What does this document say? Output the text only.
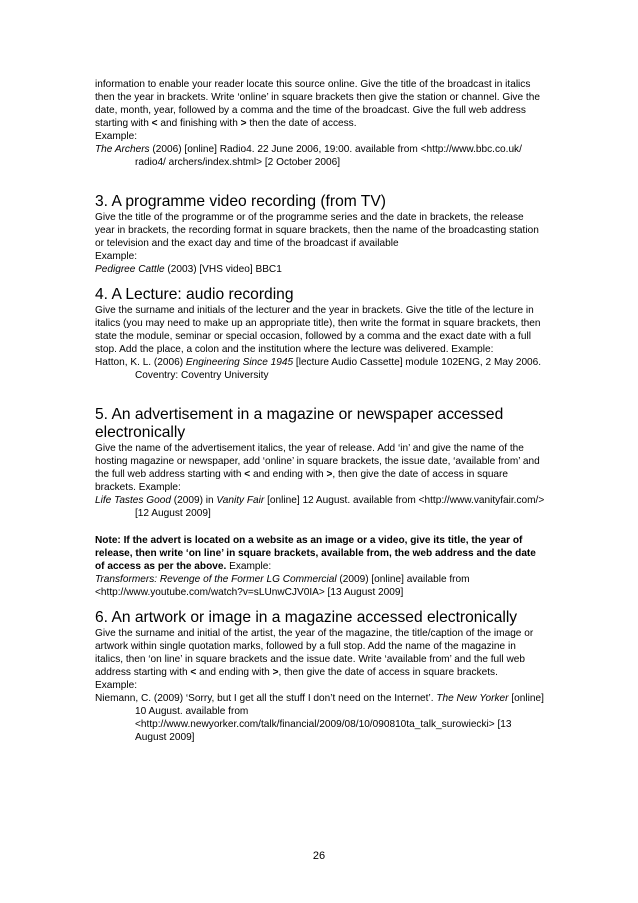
information to enable your reader locate this source online. Give the title of the broadcast in italics then the year in brackets. Write ‘online’ in square brackets then give the station or channel. Give the date, month, year, followed by a comma and the time of the broadcast. Give the full web address starting with < and finishing with > then the date of access.

Example:

The Archers (2006) [online] Radio4. 22 June 2006, 19:00. available from <http://www.bbc.co.uk/ radio4/ archers/index.shtml> [2 October 2006]

3. A programme video recording (from TV)

Give the title of the programme or of the programme series and the date in brackets, the release year in brackets, the recording format in square brackets, then the name of the broadcasting station or television and the exact day and time of the broadcast if available

Example:

Pedigree Cattle (2003) [VHS video] BBC1

4. A Lecture: audio recording

Give the surname and initials of the lecturer and the year in brackets. Give the title of the lecture in italics (you may need to make up an appropriate title), then write the format in square brackets, then state the module, seminar or special occasion, followed by a comma and the exact date with a full stop. Add the place, a colon and the institution where the lecture was delivered. Example:

Hatton, K. L. (2006) Engineering Since 1945 [lecture Audio Cassette] module 102ENG, 2 May 2006. Coventry: Coventry University

5. An advertisement in a magazine or newspaper accessed electronically

Give the name of the advertisement italics, the year of release. Add ‘in’ and give the name of the hosting magazine or newspaper, add ‘online’ in square brackets, the issue date, ‘available from’ and the full web address starting with < and ending with >, then give the date of access in square brackets. Example:

Life Tastes Good (2009) in Vanity Fair [online] 12 August. available from <http://www.vanityfair.com/> [12 August 2009]

Note: If the advert is located on a website as an image or a video, give its title, the year of release, then write ‘on line’ in square brackets, available from, the web address and the date of access as per the above. Example:

Transformers: Revenge of the Former LG Commercial (2009) [online] available from <http://www.youtube.com/watch?v=sLUnwCJV0IA> [13 August 2009]

6. An artwork or image in a magazine accessed electronically

Give the surname and initial of the artist, the year of the magazine, the title/caption of the image or artwork within single quotation marks, followed by a full stop. Add the name of the magazine in italics, then ‘on line’ in square brackets and the issue date. Write ‘available from’ and the full web address starting with < and ending with >, then give the date of access in square brackets.

Example:

Niemann, C. (2009) ‘Sorry, but I get all the stuff I don’t need on the Internet’. The New Yorker [online] 10 August. available from <http://www.newyorker.com/talk/financial/2009/08/10/090810ta_talk_surowiecki> [13 August 2009]

26
